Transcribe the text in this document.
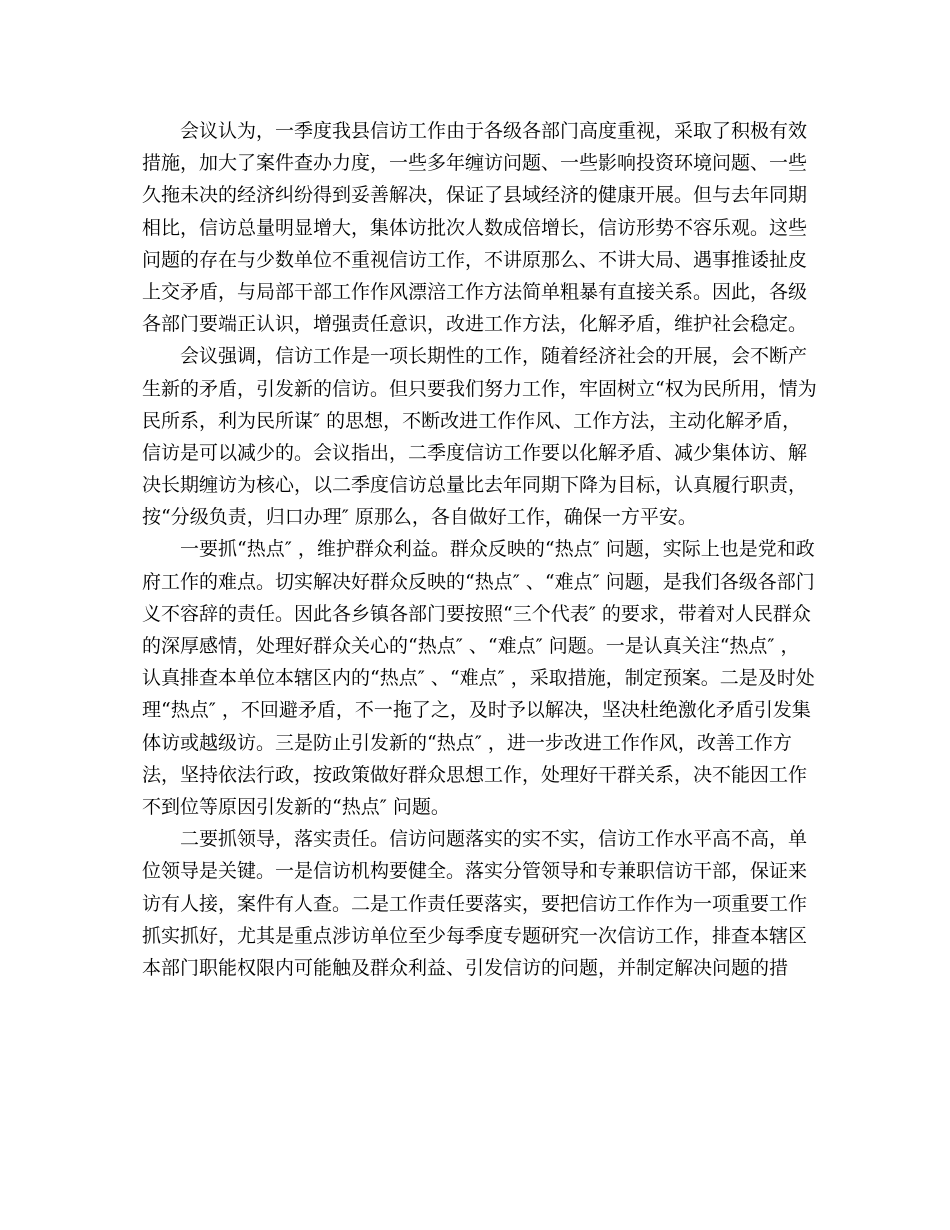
会议认为，一季度我县信访工作由于各级各部门高度重视，采取了积极有效
措施，加大了案件查办力度，一些多年缠访问题、一些影响投资环境问题、一些
久拖未决的经济纠纷得到妥善解决，保证了县域经济的健康开展。但与去年同期
相比，信访总量明显增大，集体访批次人数成倍增长，信访形势不容乐观。这些
问题的存在与少数单位不重视信访工作，不讲原那么、不讲大局、遇事推诿扯皮
上交矛盾，与局部干部工作作风漂涪工作方法简单粗暴有直接关系。因此，各级
各部门要端正认识，增强责任意识，改进工作方法，化解矛盾，维护社会稳定。
会议强调，信访工作是一项长期性的工作，随着经济社会的开展，会不断产
生新的矛盾，引发新的信访。但只要我们努力工作，牢固树立“权为民所用，情为
民所系，利为民所谋″ 的思想，不断改进工作作风、工作方法，主动化解矛盾，
信访是可以减少的。会议指出，二季度信访工作要以化解矛盾、减少集体访、解
决长期缠访为核心，以二季度信访总量比去年同期下降为目标，认真履行职责，
按“分级负责，归口办理″ 原那么，各自做好工作，确保一方平安。
一要抓“热点″ ，维护群众利益。群众反映的“热点″ 问题，实际上也是党和政
府工作的难点。切实解决好群众反映的“热点″ 、“难点″ 问题，是我们各级各部门
义不容辞的责任。因此各乡镇各部门要按照“三个代表″ 的要求，带着对人民群众
的深厚感情，处理好群众关心的“热点″ 、“难点″ 问题。一是认真关注“热点″ ，
认真排查本单位本辖区内的“热点″ 、“难点″ ，采取措施，制定预案。二是及时处
理“热点″ ，不回避矛盾，不一拖了之，及时予以解决，坚决杜绝激化矛盾引发集
体访或越级访。三是防止引发新的“热点″ ，进一步改进工作作风，改善工作方
法，坚持依法行政，按政策做好群众思想工作，处理好干群关系，决不能因工作
不到位等原因引发新的“热点″ 问题。
二要抓领导，落实责任。信访问题落实的实不实，信访工作水平高不高，单
位领导是关键。一是信访机构要健全。落实分管领导和专兼职信访干部，保证来
访有人接，案件有人查。二是工作责任要落实，要把信访工作作为一项重要工作
抓实抓好，尤其是重点涉访单位至少每季度专题研究一次信访工作，排查本辖区
本部门职能权限内可能触及群众利益、引发信访的问题，并制定解决问题的措
